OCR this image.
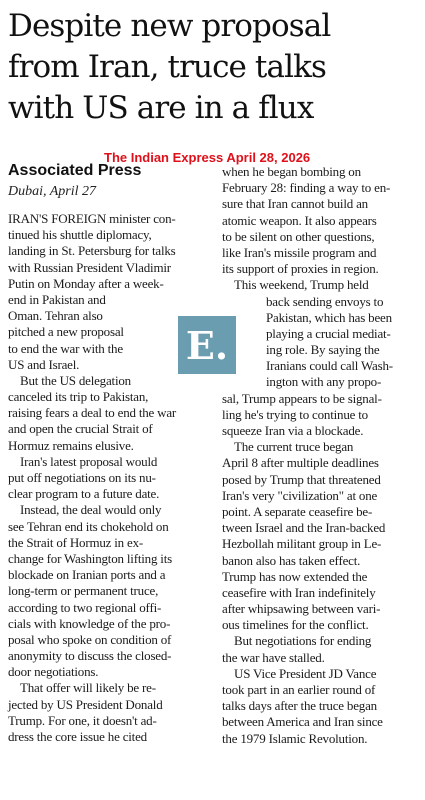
Despite new proposal
from Iran, truce talks
with US are in a flux
The Indian Express April 28, 2026
Associated Press
Dubai, April 27
IRAN'S FOREIGN minister con-
tinued his shuttle diplomacy,
landing in St. Petersburg for talks
with Russian President Vladimir
Putin on Monday after a week-
end in Pakistan and
Oman. Tehran also
pitched a new proposal
to end the war with the
US and Israel.
But the US delegation
canceled its trip to Pakistan,
raising fears a deal to end the war
and open the crucial Strait of
Hormuz remains elusive.
Iran's latest proposal would
put off negotiations on its nu-
clear program to a future date.
Instead, the deal would only
see Tehran end its chokehold on
the Strait of Hormuz in ex-
change for Washington lifting its
blockade on Iranian ports and a
long-term or permanent truce,
according to two regional offi-
cials with knowledge of the pro-
posal who spoke on condition of
anonymity to discuss the closed-
door negotiations.
That offer will likely be re-
jected by US President Donald
Trump. For one, it doesn't ad-
dress the core issue he cited
E.
when he began bombing on
February 28: finding a way to en-
sure that Iran cannot build an
atomic weapon. It also appears
to be silent on other questions,
like Iran's missile program and
its support of proxies in region.
This weekend, Trump held
back sending envoys to
Pakistan, which has been
playing a crucial mediat-
ing role. By saying the
Iranians could call Wash-
ington with any propo-
sal, Trump appears to be signal-
ling he's trying to continue to
squeeze Iran via a blockade.
The current truce began
April 8 after multiple deadlines
posed by Trump that threatened
Iran's very "civilization" at one
point. A separate ceasefire be-
tween Israel and the Iran-backed
Hezbollah militant group in Le-
banon also has taken effect.
Trump has now extended the
ceasefire with Iran indefinitely
after whipsawing between vari-
ous timelines for the conflict.
But negotiations for ending
the war have stalled.
US Vice President JD Vance
took part in an earlier round of
talks days after the truce began
between America and Iran since
the 1979 Islamic Revolution.
